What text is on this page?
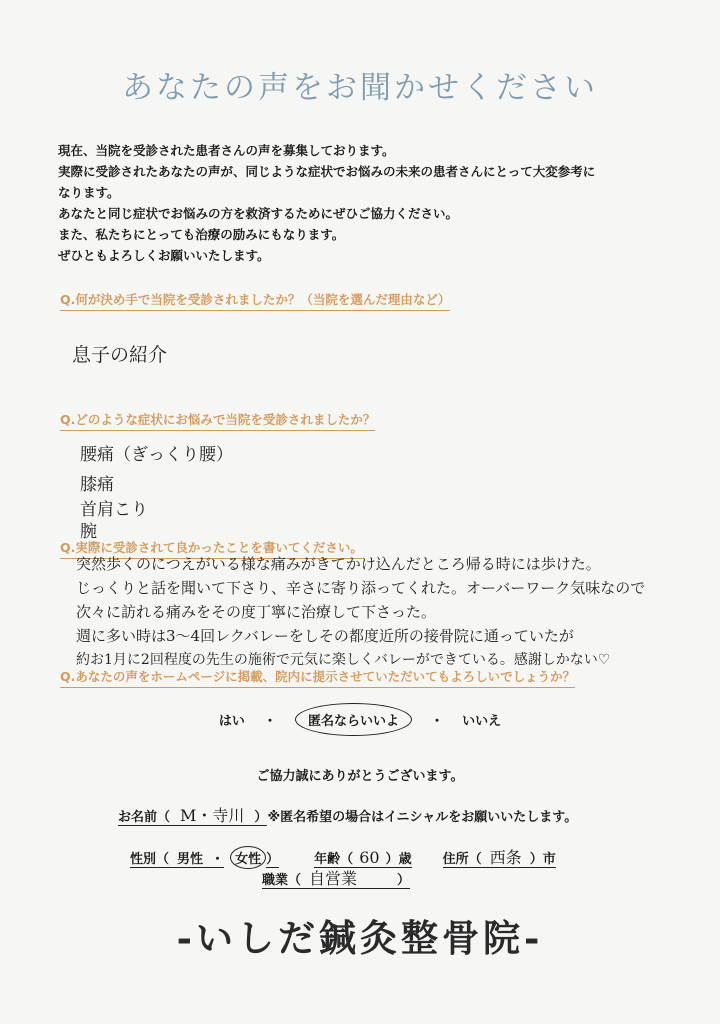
あなたの声をお聞かせください
現在、当院を受診された患者さんの声を募集しております。
実際に受診されたあなたの声が、同じような症状でお悩みの未来の患者さんにとって大変参考に
なります。
あなたと同じ症状でお悩みの方を救済するためにぜひご協力ください。
また、私たちにとっても治療の励みにもなります。
ぜひともよろしくお願いいたします。
Q.何が決め手で当院を受診されましたか？（当院を選んだ理由など）
息子の紹介
Q.どのような症状にお悩みで当院を受診されましたか？
腰痛（ぎっくり腰）
膝痛
首肩こり
腕
Q.実際に受診されて良かったことを書いてください。
突然歩くのにつえがいる様な痛みがきてかけ込んだところ帰る時には歩けた。
じっくりと話を聞いて下さり、辛さに寄り添ってくれた。オーバーワーク気味なので
次々に訪れる痛みをその度丁寧に治療して下さった。
週に多い時は3〜4回レクバレーをしその都度近所の接骨院に通っていたが
約お1月に2回程度の先生の施術で元気に楽しくバレーができている。感謝しかない♡
Q.あなたの声をホームページに掲載、院内に提示させていただいてもよろしいでしょうか？
はい ・ 匿名ならいいよ ・ いいえ
ご協力誠にありがとうございます。
お名前（ M・寺川 ）※匿名希望の場合はイニシャルをお願いいたします。
性別（ 男性 ・ 女性 ）	年齢（ 60 ）歳 住所（ 西条 ）市
職業（ 自営業	）
-いしだ鍼灸整骨院-
